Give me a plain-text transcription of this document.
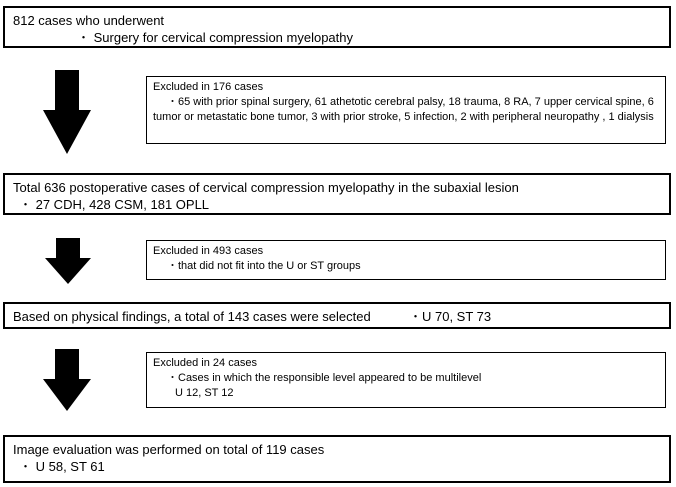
812 cases who underwent
・ Surgery for cervical compression myelopathy
Excluded in 176 cases
・65 with prior spinal surgery, 61 athetotic cerebral palsy, 18 trauma, 8 RA, 7 upper cervical spine, 6 tumor or metastatic bone tumor, 3 with prior stroke, 5 infection, 2 with peripheral neuropathy , 1 dialysis
Total 636 postoperative cases of cervical compression myelopathy in the subaxial lesion
・ 27 CDH, 428 CSM, 181 OPLL
Excluded in 493 cases
・that did not fit into the U or ST groups
Based on physical findings, a total of 143 cases were selected	・U 70, ST 73
Excluded in 24 cases
・Cases in which the responsible level appeared to be multilevel
U 12, ST 12
Image evaluation was performed on total of 119 cases
・ U 58, ST 61
